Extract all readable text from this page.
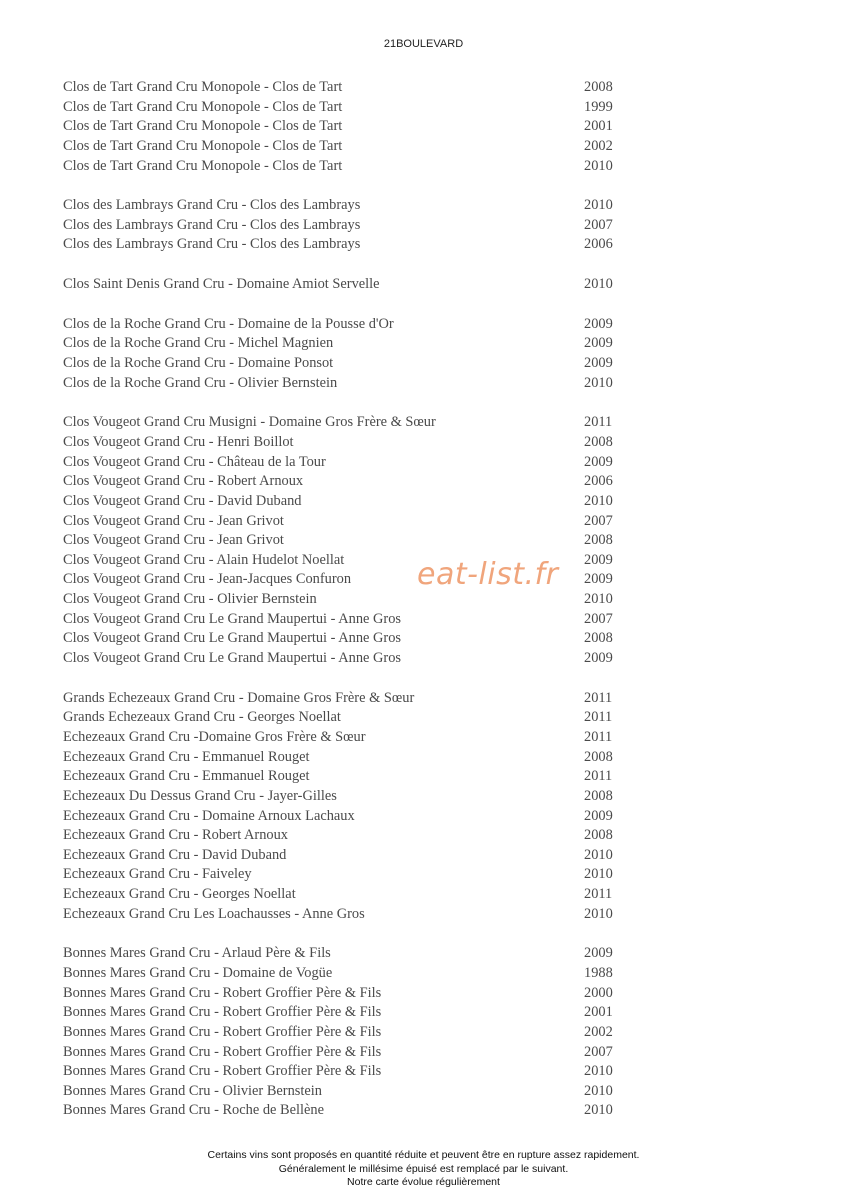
21BOULEVARD
Clos de Tart Grand Cru Monopole - Clos de Tart	2008
Clos de Tart Grand Cru Monopole - Clos de Tart	1999
Clos de Tart Grand Cru Monopole - Clos de Tart	2001
Clos de Tart Grand Cru Monopole - Clos de Tart	2002
Clos de Tart Grand Cru Monopole - Clos de Tart	2010
Clos des Lambrays Grand Cru - Clos des Lambrays	2010
Clos des Lambrays Grand Cru - Clos des Lambrays	2007
Clos des Lambrays Grand Cru - Clos des Lambrays	2006
Clos Saint Denis Grand Cru - Domaine Amiot Servelle	2010
Clos de la Roche Grand Cru - Domaine de la Pousse d'Or	2009
Clos de la Roche Grand Cru - Michel Magnien	2009
Clos de la Roche Grand Cru - Domaine Ponsot	2009
Clos de la Roche Grand Cru - Olivier Bernstein	2010
Clos Vougeot Grand Cru Musigni - Domaine Gros Frère & Sœur	2011
Clos Vougeot Grand Cru - Henri Boillot	2008
Clos Vougeot Grand Cru - Château de la Tour	2009
Clos Vougeot Grand Cru - Robert Arnoux	2006
Clos Vougeot Grand Cru - David Duband	2010
Clos Vougeot Grand Cru - Jean Grivot	2007
Clos Vougeot Grand Cru - Jean Grivot	2008
Clos Vougeot Grand Cru - Alain Hudelot Noellat	2009
Clos Vougeot Grand Cru - Jean-Jacques Confuron	2009
Clos Vougeot Grand Cru - Olivier Bernstein	2010
Clos Vougeot Grand Cru Le Grand Maupertui - Anne Gros	2007
Clos Vougeot Grand Cru Le Grand Maupertui - Anne Gros	2008
Clos Vougeot Grand Cru Le Grand Maupertui - Anne Gros	2009
Grands Echezeaux Grand Cru - Domaine Gros Frère & Sœur	2011
Grands Echezeaux Grand Cru - Georges Noellat	2011
Echezeaux Grand Cru -Domaine Gros Frère & Sœur	2011
Echezeaux Grand Cru - Emmanuel Rouget	2008
Echezeaux Grand Cru - Emmanuel Rouget	2011
Echezeaux Du Dessus Grand Cru - Jayer-Gilles	2008
Echezeaux Grand Cru - Domaine Arnoux Lachaux	2009
Echezeaux Grand Cru - Robert Arnoux	2008
Echezeaux Grand Cru - David Duband	2010
Echezeaux Grand Cru - Faiveley	2010
Echezeaux Grand Cru - Georges Noellat	2011
Echezeaux Grand Cru Les Loachausses - Anne Gros	2010
Bonnes Mares Grand Cru - Arlaud Père & Fils	2009
Bonnes Mares Grand Cru - Domaine de Vogüe	1988
Bonnes Mares Grand Cru - Robert Groffier Père & Fils	2000
Bonnes Mares Grand Cru - Robert Groffier Père & Fils	2001
Bonnes Mares Grand Cru - Robert Groffier Père & Fils	2002
Bonnes Mares Grand Cru - Robert Groffier Père & Fils	2007
Bonnes Mares Grand Cru - Robert Groffier Père & Fils	2010
Bonnes Mares Grand Cru - Olivier Bernstein	2010
Bonnes Mares Grand Cru - Roche de Bellène	2010
eat-list.fr
Certains vins sont proposés en quantité réduite et peuvent être en rupture assez rapidement.
Généralement le millésime épuisé est remplacé par le suivant.
Notre carte évolue régulièrement
